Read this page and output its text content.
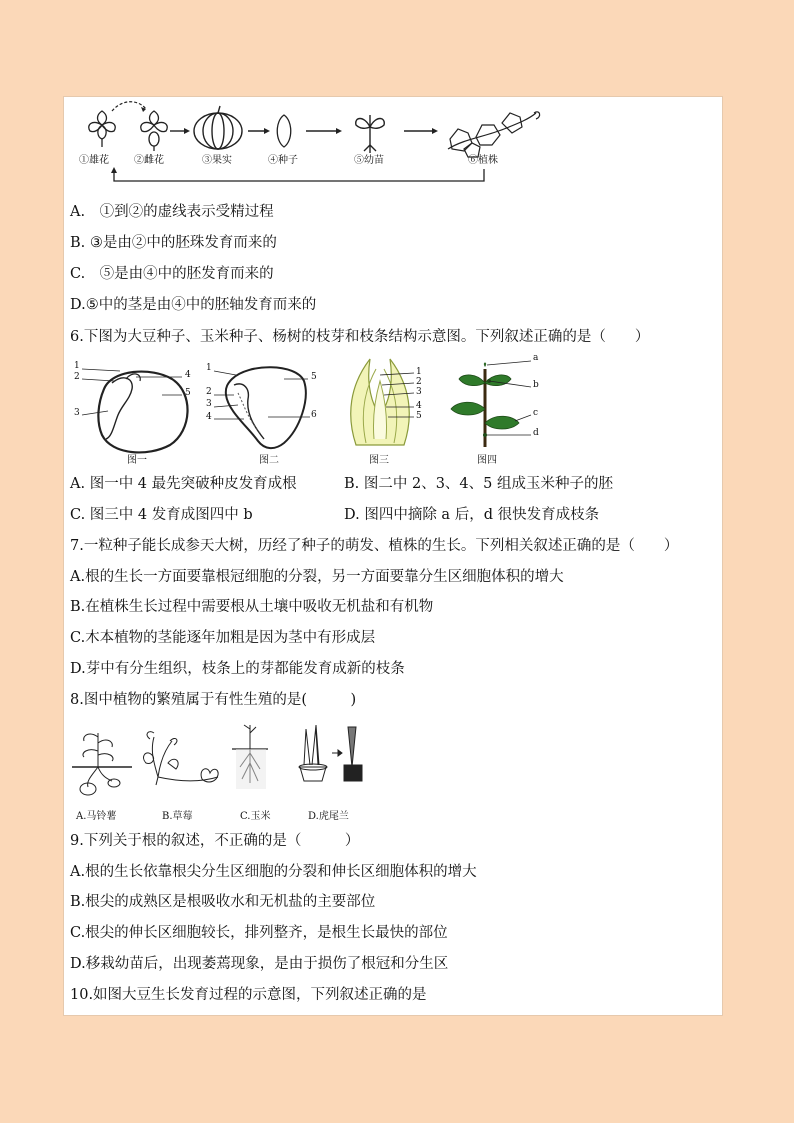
①雄花	②雌花	③果实	④种子	⑤幼苗	⑥植株
A.　①到②的虚线表示受精过程
B. ③是由②中的胚珠发育而来的
C.　⑤是由④中的胚发育而来的
D.⑤中的茎是由④中的胚轴发育而来的
6.下图为大豆种子、玉米种子、杨树的枝芽和枝条结构示意图。下列叙述正确的是（　　）
1
2
3
4
5
图一
1
2
3
4
5
6
图二
1
2
3
4
5
图三
a
b
c
d
图四
A. 图一中 4 最先突破种皮发育成根	B. 图二中 2、3、4、5 组成玉米种子的胚
C. 图三中 4 发育成图四中 b	D. 图四中摘除 a 后，d 很快发育成枝条
7.一粒种子能长成参天大树，历经了种子的萌发、植株的生长。下列相关叙述正确的是（　　）
A.根的生长一方面要靠根冠细胞的分裂，另一方面要靠分生区细胞体积的增大
B.在植株生长过程中需要根从土壤中吸收无机盐和有机物
C.木本植物的茎能逐年加粗是因为茎中有形成层
D.芽中有分生组织，枝条上的芽都能发育成新的枝条
8.图中植物的繁殖属于有性生殖的是(　　　)
A.马铃薯	B.草莓	C.玉米	D.虎尾兰
9.下列关于根的叙述，不正确的是（　　　）
A.根的生长依靠根尖分生区细胞的分裂和伸长区细胞体积的增大
B.根尖的成熟区是根吸收水和无机盐的主要部位
C.根尖的伸长区细胞较长，排列整齐，是根生长最快的部位
D.移栽幼苗后，出现萎蔫现象，是由于损伤了根冠和分生区
10.如图大豆生长发育过程的示意图，下列叙述正确的是
